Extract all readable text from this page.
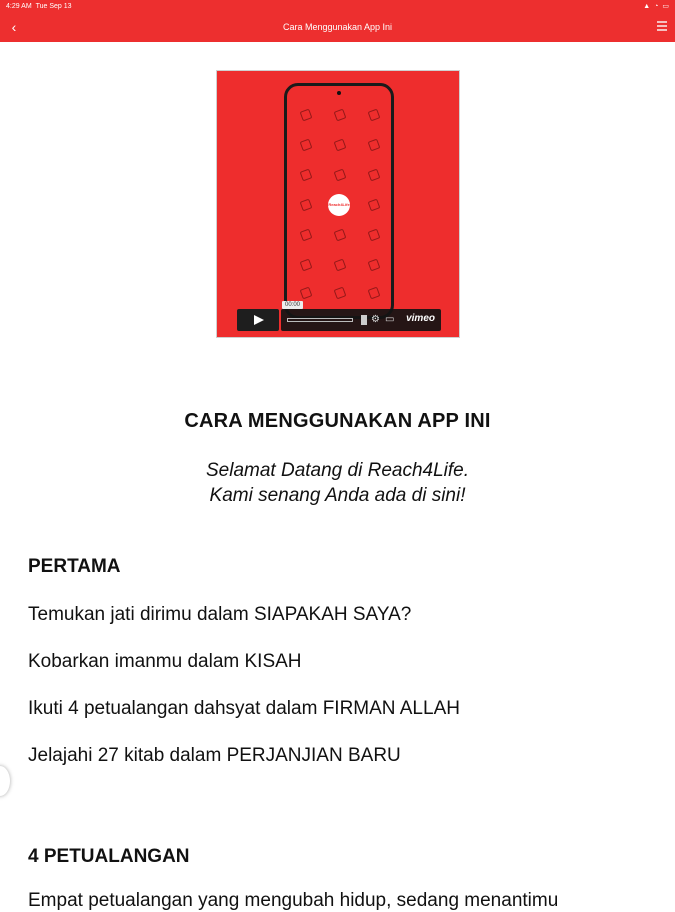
4:29 AM Tue Sep 13	▲ ◔ ▭
‹	Cara Menggunakan App Ini
Reach4Life
⚙ ▭ vimeo
00:00
CARA MENGGUNAKAN APP INI
Selamat Datang di Reach4Life.
Kami senang Anda ada di sini!
PERTAMA
Temukan jati dirimu dalam SIAPAKAH SAYA?
Kobarkan imanmu dalam KISAH
Ikuti 4 petualangan dahsyat dalam FIRMAN ALLAH
Jelajahi 27 kitab dalam PERJANJIAN BARU
4 PETUALANGAN
Empat petualangan yang mengubah hidup, sedang menantimu
